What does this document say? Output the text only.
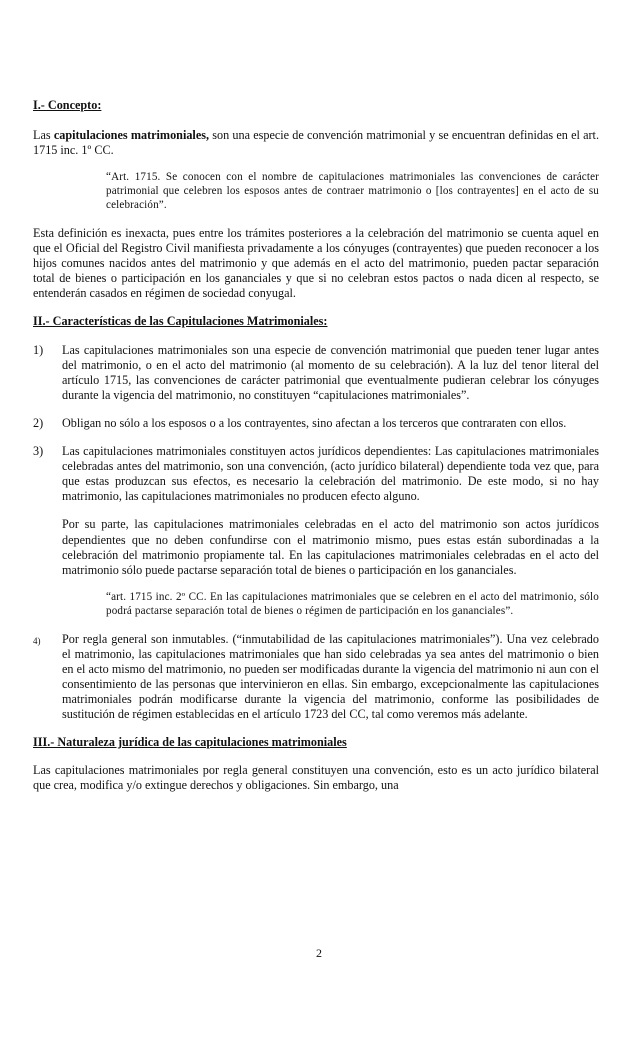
I.- Concepto:

Las capitulaciones matrimoniales, son una especie de convención matrimonial y se encuentran definidas en el art. 1715 inc. 1º CC.

“Art. 1715. Se conocen con el nombre de capitulaciones matrimoniales las convenciones de carácter patrimonial que celebren los esposos antes de contraer matrimonio o [los contrayentes] en el acto de su celebración”.

Esta definición es inexacta, pues entre los trámites posteriores a la celebración del matrimonio se cuenta aquel en que el Oficial del Registro Civil manifiesta privadamente a los cónyuges (contrayentes) que pueden reconocer a los hijos comunes nacidos antes del matrimonio y que además en el acto del matrimonio, pueden pactar separación total de bienes o participación en los gananciales y que si no celebran estos pactos o nada dicen al respecto, se entenderán casados en régimen de sociedad conyugal.

II.- Características de las Capitulaciones Matrimoniales:

1)	Las capitulaciones matrimoniales son una especie de convención matrimonial que pueden tener lugar antes del matrimonio, o en el acto del matrimonio (al momento de su celebración). A la luz del tenor literal del artículo 1715, las convenciones de carácter patrimonial que eventualmente pudieran celebrar los cónyuges durante la vigencia del matrimonio, no constituyen “capitulaciones matrimoniales”.
2)	Obligan no sólo a los esposos o a los contrayentes, sino afectan a los terceros que contraraten con ellos.
3)	Las capitulaciones matrimoniales constituyen actos jurídicos dependientes: Las capitulaciones matrimoniales celebradas antes del matrimonio, son una convención, (acto jurídico bilateral) dependiente toda vez que, para que estas produzcan sus efectos, es necesario la celebración del matrimonio. De este modo, si no hay matrimonio, las capitulaciones matrimoniales no producen efecto alguno.

Por su parte, las capitulaciones matrimoniales celebradas en el acto del matrimonio son actos jurídicos dependientes que no deben confundirse con el matrimonio mismo, pues estas están subordinadas a la celebración del matrimonio propiamente tal. En las capitulaciones matrimoniales celebradas en el acto del matrimonio sólo puede pactarse separación total de bienes o participación en los gananciales.

“art. 1715 inc. 2º CC. En las capitulaciones matrimoniales que se celebren en el acto del matrimonio, sólo podrá pactarse separación total de bienes o régimen de participación en los gananciales”.

4)	Por regla general son inmutables. (“inmutabilidad de las capitulaciones matrimoniales”). Una vez celebrado el matrimonio, las capitulaciones matrimoniales que han sido celebradas ya sea antes del matrimonio o bien en el acto mismo del matrimonio, no pueden ser modificadas durante la vigencia del matrimonio ni aun con el consentimiento de las personas que intervinieron en ellas. Sin embargo, excepcionalmente las capitulaciones matrimoniales podrán modificarse durante la vigencia del matrimonio, conforme las posibilidades de sustitución de régimen establecidas en el artículo 1723 del CC, tal como veremos más adelante.

III.- Naturaleza jurídica de las capitulaciones matrimoniales

Las capitulaciones matrimoniales por regla general constituyen una convención, esto es un acto jurídico bilateral que crea, modifica y/o extingue derechos y obligaciones. Sin embargo, una

2
